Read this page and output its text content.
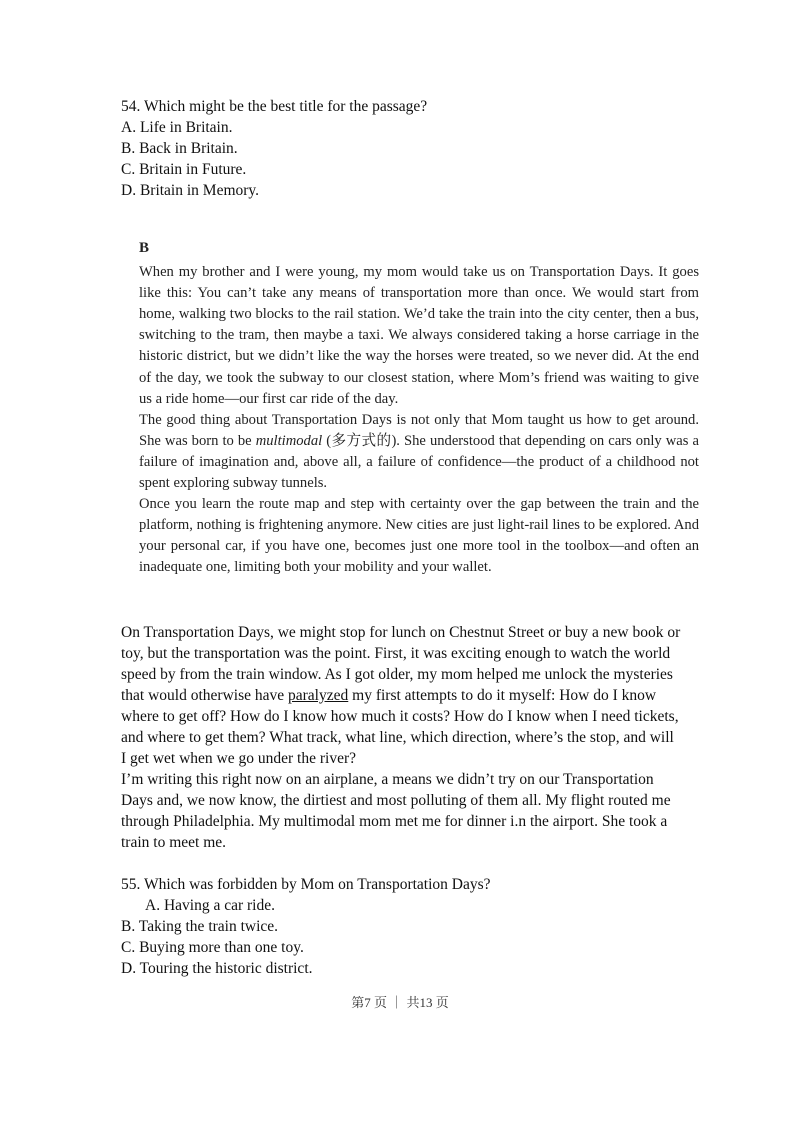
54. Which might be the best title for the passage?
A. Life in Britain.
B. Back in Britain.
C. Britain in Future.
D. Britain in Memory.
B

When my brother and I were young, my mom would take us on Transportation Days. It goes like this: You can’t take any means of transportation more than once. We would start from home, walking two blocks to the rail station. We’d take the train into the city center, then a bus, switching to the tram, then maybe a taxi. We always considered taking a horse carriage in the historic district, but we didn’t like the way the horses were treated, so we never did. At the end of the day, we took the subway to our closest station, where Mom’s friend was waiting to give us a ride home—our first car ride of the day.

The good thing about Transportation Days is not only that Mom taught us how to get around. She was born to be multimodal (多方式的). She understood that depending on cars only was a failure of imagination and, above all, a failure of confidence—the product of a childhood not spent exploring subway tunnels.

Once you learn the route map and step with certainty over the gap between the train and the platform, nothing is frightening anymore. New cities are just light-rail lines to be explored. And your personal car, if you have one, becomes just one more tool in the toolbox—and often an inadequate one, limiting both your mobility and your wallet.

On Transportation Days, we might stop for lunch on Chestnut Street or buy a new book or toy, but the transportation was the point. First, it was exciting enough to watch the world speed by from the train window. As I got older, my mom helped me unlock the mysteries that would otherwise have paralyzed my first attempts to do it myself: How do I know where to get off? How do I know how much it costs? How do I know when I need tickets, and where to get them? What track, what line, which direction, where’s the stop, and will I get wet when we go under the river?

I’m writing this right now on an airplane, a means we didn’t try on our Transportation Days and, we now know, the dirtiest and most polluting of them all. My flight routed me through Philadelphia. My multimodal mom met me for dinner i.n the airport. She took a train to meet me.

55. Which was forbidden by Mom on Transportation Days?
A. Having a car ride.
B. Taking the train twice.
C. Buying more than one toy.
D. Touring the historic district.
第7 页 ｜ 共13 页
